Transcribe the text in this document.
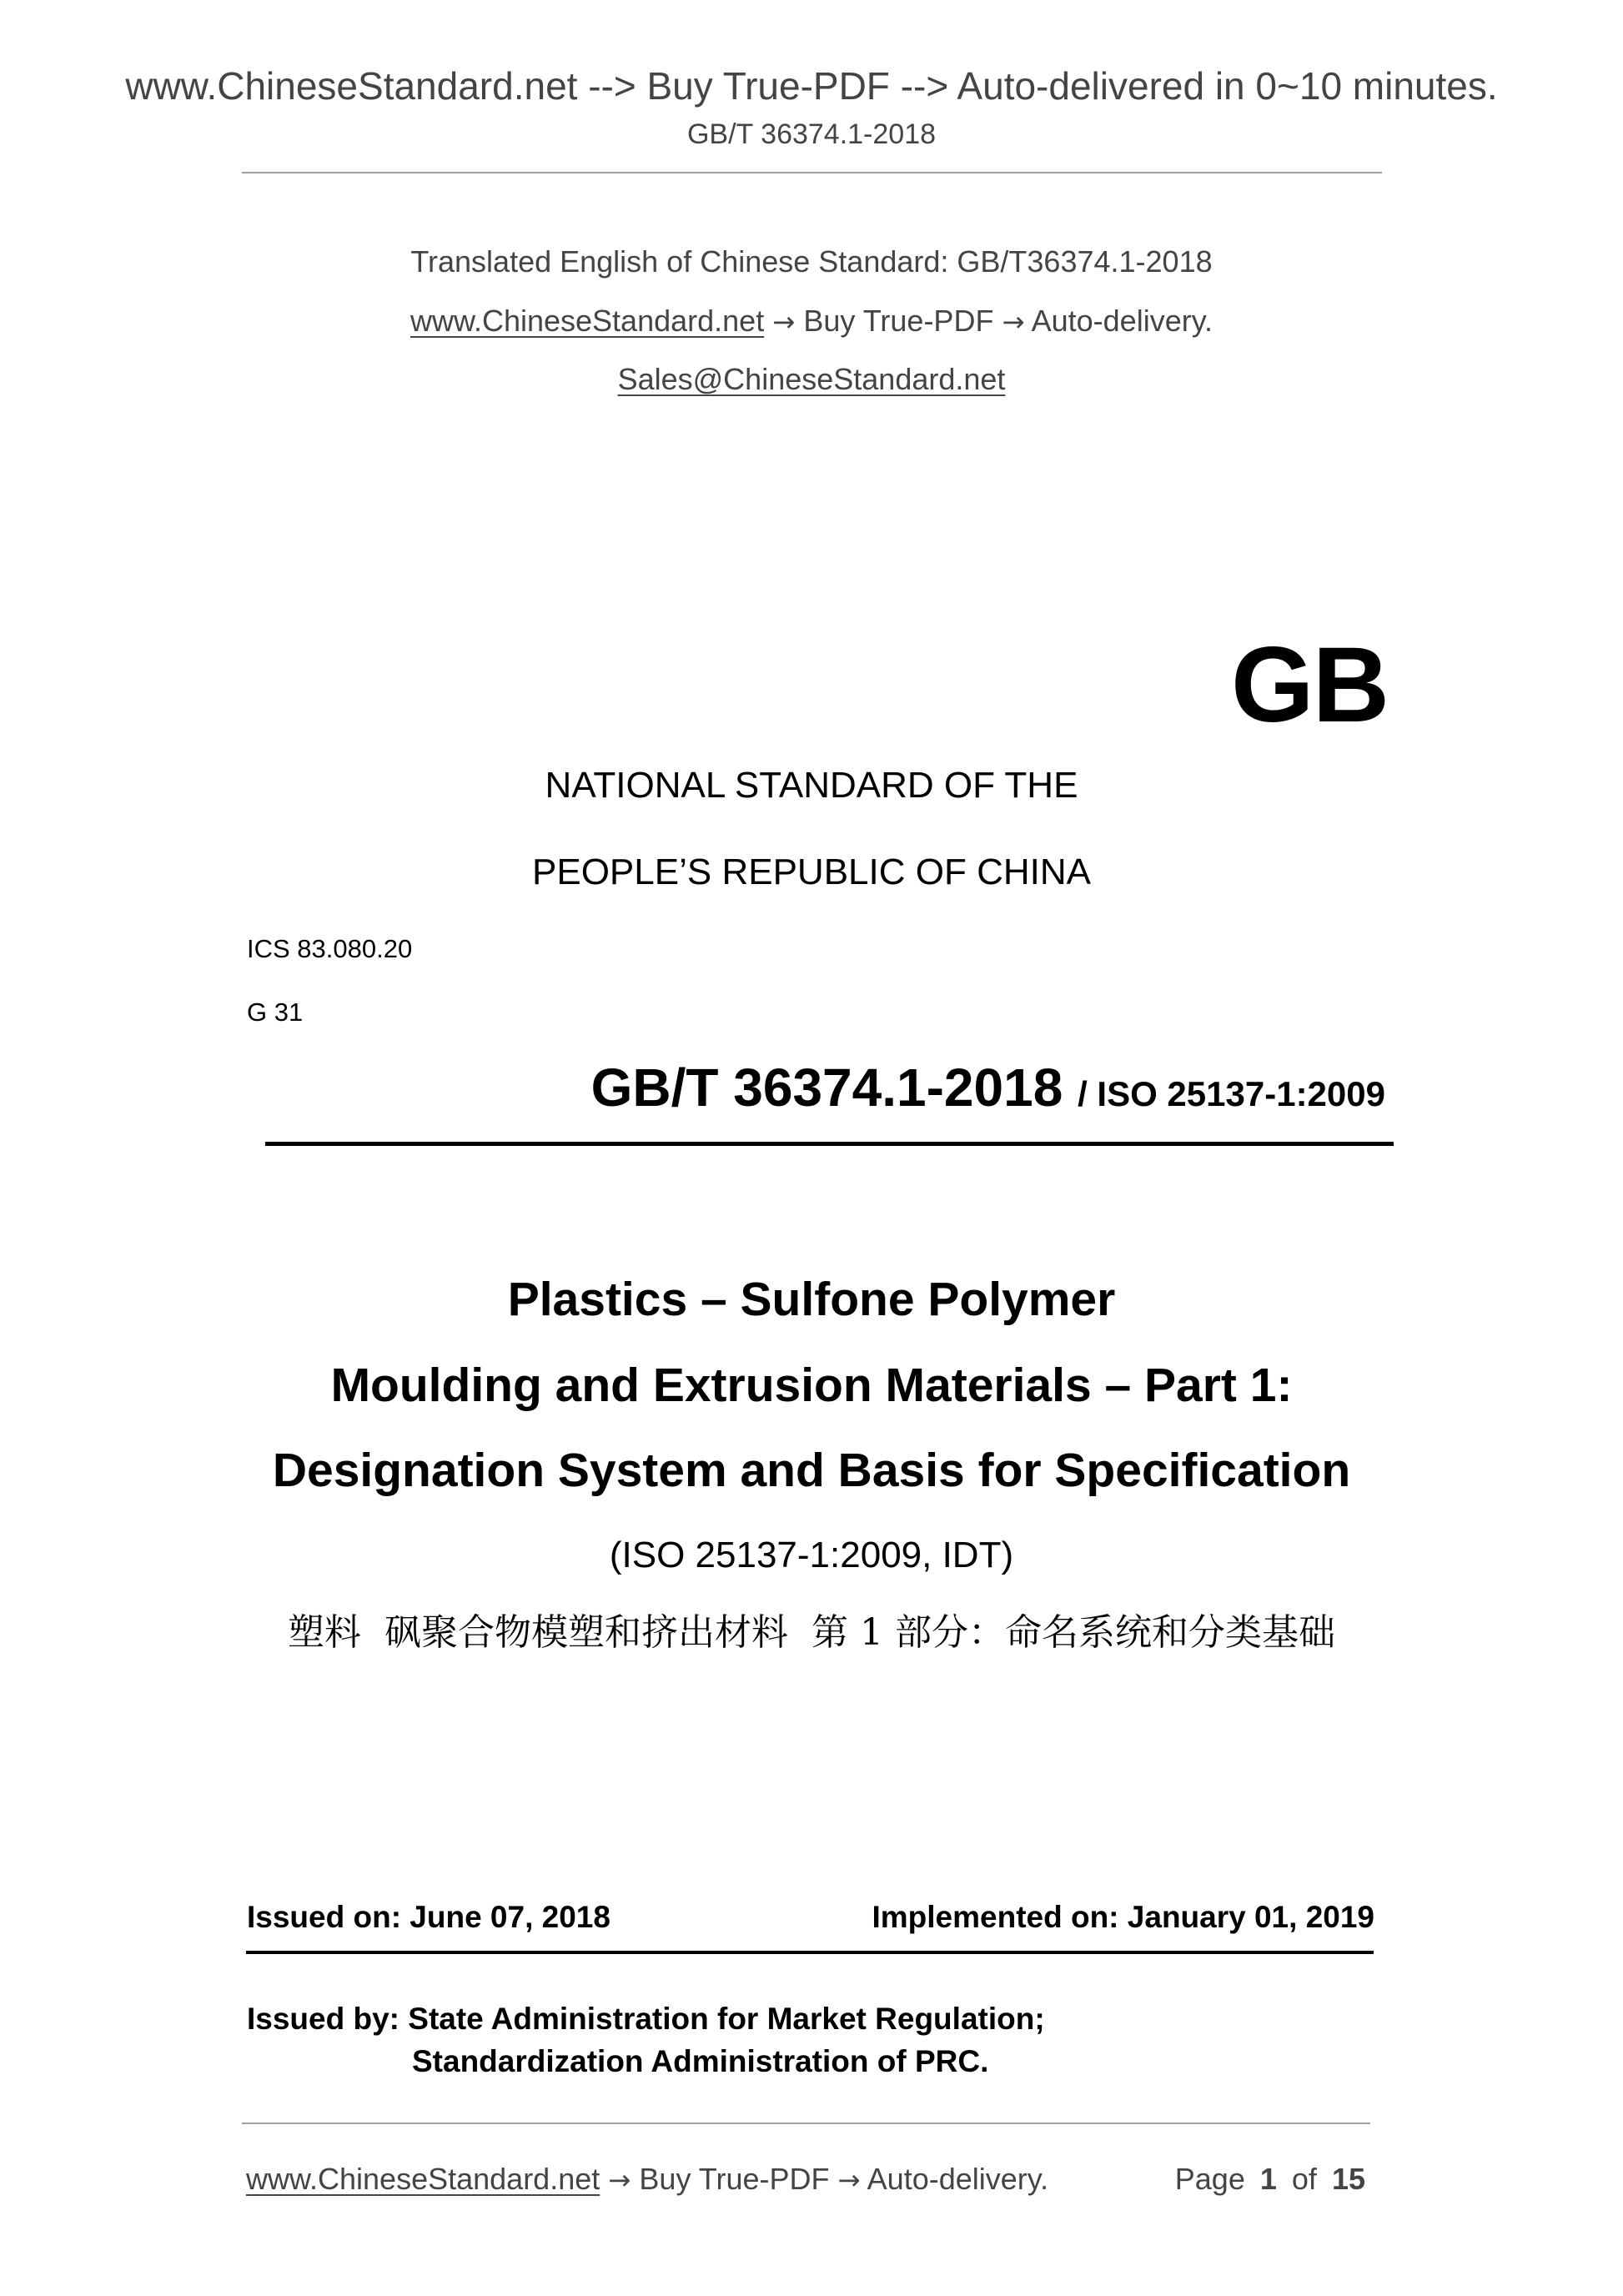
www.ChineseStandard.net --> Buy True-PDF --> Auto-delivered in 0~10 minutes.
GB/T 36374.1-2018
Translated English of Chinese Standard: GB/T36374.1-2018
www.ChineseStandard.net → Buy True-PDF → Auto-delivery.
Sales@ChineseStandard.net
GB
NATIONAL STANDARD OF THE
PEOPLE’S REPUBLIC OF CHINA
ICS 83.080.20
G 31
GB/T 36374.1-2018 / ISO 25137-1:2009
Plastics – Sulfone Polymer
Moulding and Extrusion Materials – Part 1:
Designation System and Basis for Specification
(ISO 25137-1:2009, IDT)
塑料  砜聚合物模塑和挤出材料  第 1 部分：命名系统和分类基础
Issued on: June 07, 2018	Implemented on: January 01, 2019
Issued by: State Administration for Market Regulation;
Standardization Administration of PRC.
www.ChineseStandard.net → Buy True-PDF → Auto-delivery.	Page 1 of 15
